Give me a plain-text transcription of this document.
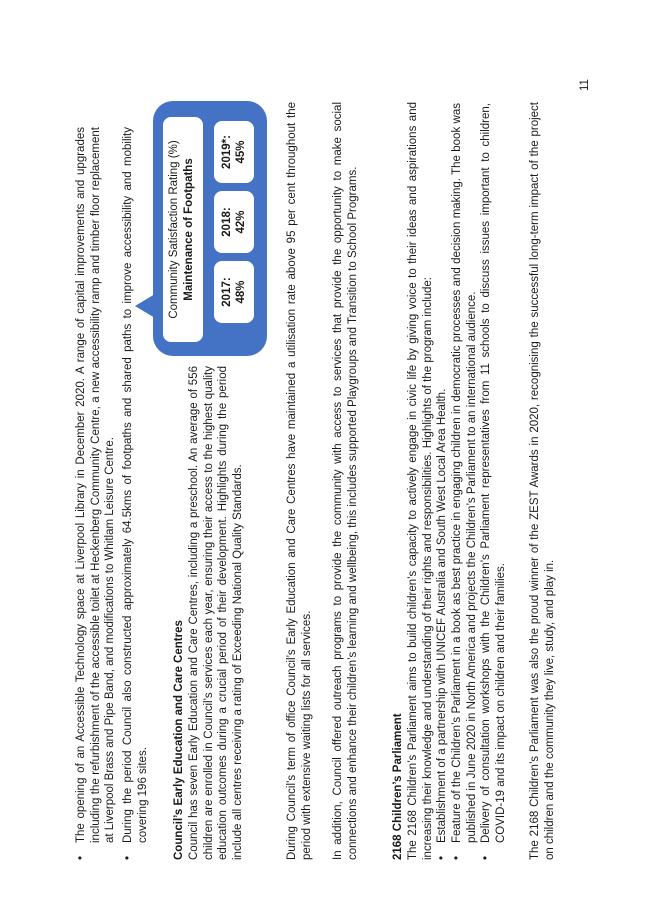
•
The opening of an Accessible Technology space at Liverpool Library in December 2020. A range of capital improvements and upgrades including the refurbishment of the accessible toilet at Heckenberg Community Centre, a new accessibility ramp and timber floor replacement at Liverpool Brass and Pipe Band, and modifications to Whitlam Leisure Centre.
•
During the period Council also constructed approximately 64.5kms of footpaths and shared paths to improve accessibility and mobility covering 196 sites. Council’s Early Education and Care Centres Council has seven Early Education and Care Centres, including a preschool. An average of 556 children are enrolled in Council’s services each year, ensuring their access to the highest quality education outcomes during a crucial period of their development. Highlights during the period include all centres receiving a rating of Exceeding National Quality Standards.
Community Satisfaction Rating (%) Maintenance of Footpaths 2017: 48%
2018: 42%
2019*: 45%	During Council’s term of office Council’s Early Education and Care Centres have maintained a utilisation rate above 95 per cent throughout the period with extensive waiting lists for all services. In addition, Council offered outreach programs to provide the community with access to services that provide the opportunity to make social connections and enhance their children’s learning and wellbeing, this includes supported Playgroups and Transition to School Programs.	2168 Children’s Parliament The 2168 Children’s Parliament aims to build children’s capacity to actively engage in civic life by giving voice to their ideas and aspirations and increasing their knowledge and understanding of their rights and responsibilities. Highlights of the program include: •
Establishment of a partnership with UNICEF Australia and South West Local Area Health.
•
Feature of the Children’s Parliament in a book as best practice in engaging children in democratic processes and decision making. The book was published in June 2020 in North America and projects the Children’s Parliament to an international audience.
•
Delivery of consultation workshops with the Children’s Parliament representatives from 11 schools to discuss issues important to children, COVID-19 and its impact on children and their families. The 2168 Children’s Parliament was also the proud winner of the ZEST Awards in 2020, recognising the successful long-term impact of the project on children and the community they live, study, and play in.
11
